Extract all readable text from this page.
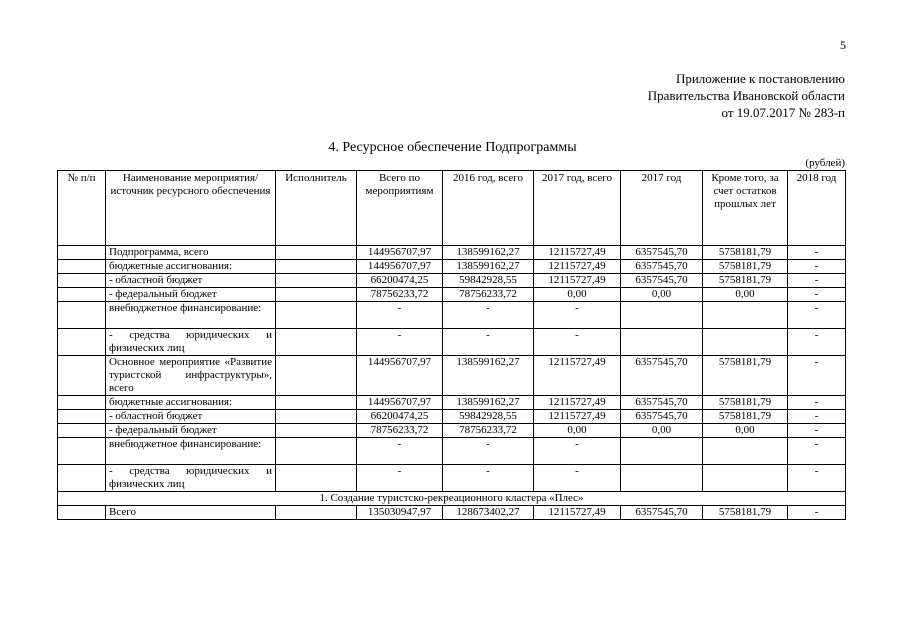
5
Приложение к постановлению
Правительства Ивановской области
от 19.07.2017 № 283-п
4. Ресурсное обеспечение Подпрограммы
(рублей)
№ п/п	Наименование мероприятия/источник ресурсного обеспечения	Исполнитель	Всего по мероприятиям	2016 год, всего	2017 год, всего	2017 год	Кроме того, за счет остатков прошлых лет	2018 год
	Подпрограмма, всего		144956707,97	138599162,27	12115727,49	6357545,70	5758181,79	-
	бюджетные ассигнования:		144956707,97	138599162,27	12115727,49	6357545,70	5758181,79	-
	- областной бюджет		66200474,25	59842928,55	12115727,49	6357545,70	5758181,79	-
	- федеральный бюджет		78756233,72	78756233,72	0,00	0,00	0,00	-
	внебюджетное финансирование:		-	-	-			-
	- средства юридических и физических лиц		-	-	-			-
	Основное мероприятие «Развитие туристской инфраструктуры», всего		144956707,97	138599162,27	12115727,49	6357545,70	5758181,79	-
	бюджетные ассигнования:		144956707,97	138599162,27	12115727,49	6357545,70	5758181,79	-
	- областной бюджет		66200474,25	59842928,55	12115727,49	6357545,70	5758181,79	-
	- федеральный бюджет		78756233,72	78756233,72	0,00	0,00	0,00	-
	внебюджетное финансирование:		-	-	-			-
	- средства юридических и физических лиц		-	-	-			-
1. Создание туристско-рекреационного кластера «Плес»								
	Всего		135030947,97	128673402,27	12115727,49	6357545,70	5758181,79	-
